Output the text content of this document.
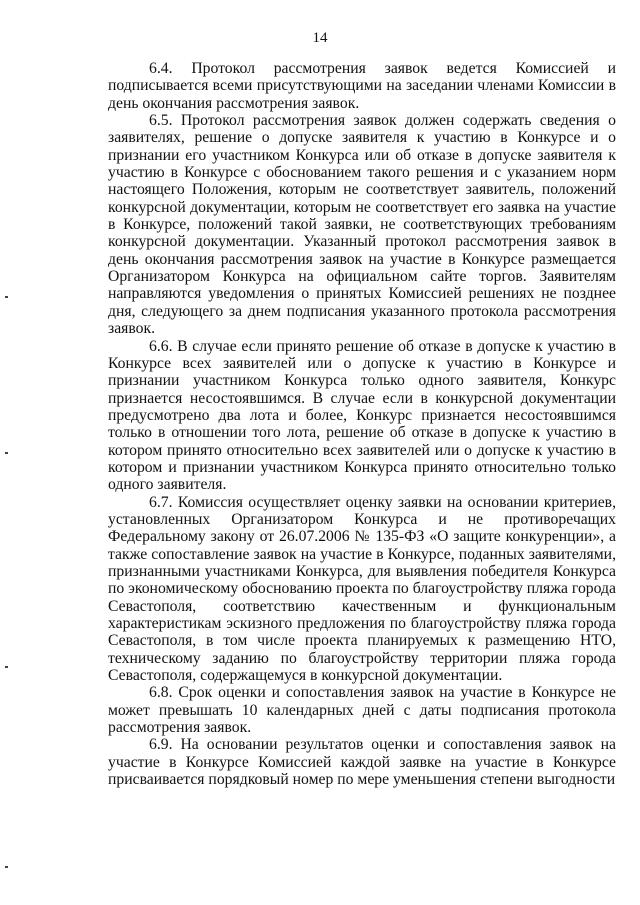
14

6.4. Протокол рассмотрения заявок ведется Комиссией и подписывается всеми присутствующими на заседании членами Комиссии в день окончания рассмотрения заявок.

6.5. Протокол рассмотрения заявок должен содержать сведения о заявителях, решение о допуске заявителя к участию в Конкурсе и о признании его участником Конкурса или об отказе в допуске заявителя к участию в Конкурсе с обоснованием такого решения и с указанием норм настоящего Положения, которым не соответствует заявитель, положений конкурсной документации, которым не соответствует его заявка на участие в Конкурсе, положений такой заявки, не соответствующих требованиям конкурсной документации. Указанный протокол рассмотрения заявок в день окончания рассмотрения заявок на участие в Конкурсе размещается Организатором Конкурса на официальном сайте торгов. Заявителям направляются уведомления о принятых Комиссией решениях не позднее дня, следующего за днем подписания указанного протокола рассмотрения заявок.

6.6. В случае если принято решение об отказе в допуске к участию в Конкурсе всех заявителей или о допуске к участию в Конкурсе и признании участником Конкурса только одного заявителя, Конкурс признается несостоявшимся. В случае если в конкурсной документации предусмотрено два лота и более, Конкурс признается несостоявшимся только в отношении того лота, решение об отказе в допуске к участию в котором принято относительно всех заявителей или о допуске к участию в котором и признании участником Конкурса принято относительно только одного заявителя.

6.7. Комиссия осуществляет оценку заявки на основании критериев, установленных Организатором Конкурса и не противоречащих Федеральному закону от 26.07.2006 № 135-ФЗ «О защите конкуренции», а также сопоставление заявок на участие в Конкурсе, поданных заявителями, признанными участниками Конкурса, для выявления победителя Конкурса по экономическому обоснованию проекта по благоустройству пляжа города Севастополя, соответствию качественным и функциональным характеристикам эскизного предложения по благоустройству пляжа города Севастополя, в том числе проекта планируемых к размещению НТО, техническому заданию по благоустройству территории пляжа города Севастополя, содержащемуся в конкурсной документации.

6.8. Срок оценки и сопоставления заявок на участие в Конкурсе не может превышать 10 календарных дней с даты подписания протокола рассмотрения заявок.

6.9. На основании результатов оценки и сопоставления заявок на участие в Конкурсе Комиссией каждой заявке на участие в Конкурсе присваивается порядковый номер по мере уменьшения степени выгодности
